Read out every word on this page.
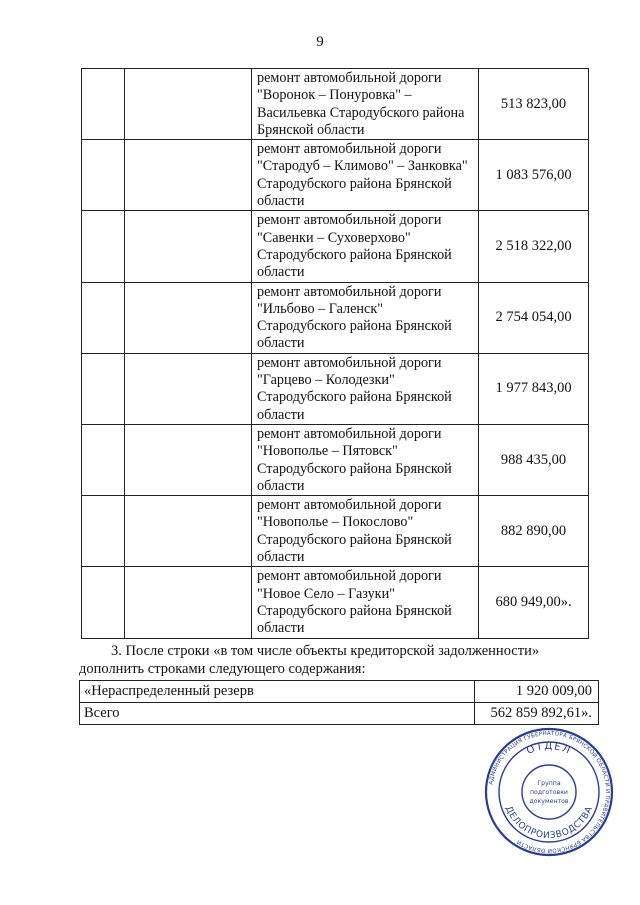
9
		ремонт автомобильной дороги "Воронок – Понуровка" – Васильевка Стародубского района Брянской области	513 823,00
		ремонт автомобильной дороги "Стародуб – Климово" – Занковка" Стародубского района Брянской области	1 083 576,00
		ремонт автомобильной дороги "Савенки – Суховерхово" Стародубского района Брянской области	2 518 322,00
		ремонт автомобильной дороги "Ильбово – Галенск" Стародубского района Брянской области	2 754 054,00
		ремонт автомобильной дороги "Гарцево – Колодезки" Стародубского района Брянской области	1 977 843,00
		ремонт автомобильной дороги "Новополье – Пятовск" Стародубского района Брянской области	988 435,00
		ремонт автомобильной дороги "Новополье – Покослово" Стародубского района Брянской области	882 890,00
		ремонт автомобильной дороги "Новое Село – Газуки" Стародубского района Брянской области	680 949,00».
3. После строки «в том числе объекты кредиторской задолженности»
дополнить строками следующего содержания:
«Нераспределенный резерв	1 920 009,00
Всего	562 859 892,61».
АДМИНИСТРАЦИЯ ГУБЕРНАТОРА БРЯНСКОЙ ОБЛАСТИ И ПРАВИТЕЛЬСТВА БРЯНСКОЙ ОБЛАСТИ
ОТДЕЛ
ДЕЛОПРОИЗВОДСТВА
Группа
подготовки
документов
